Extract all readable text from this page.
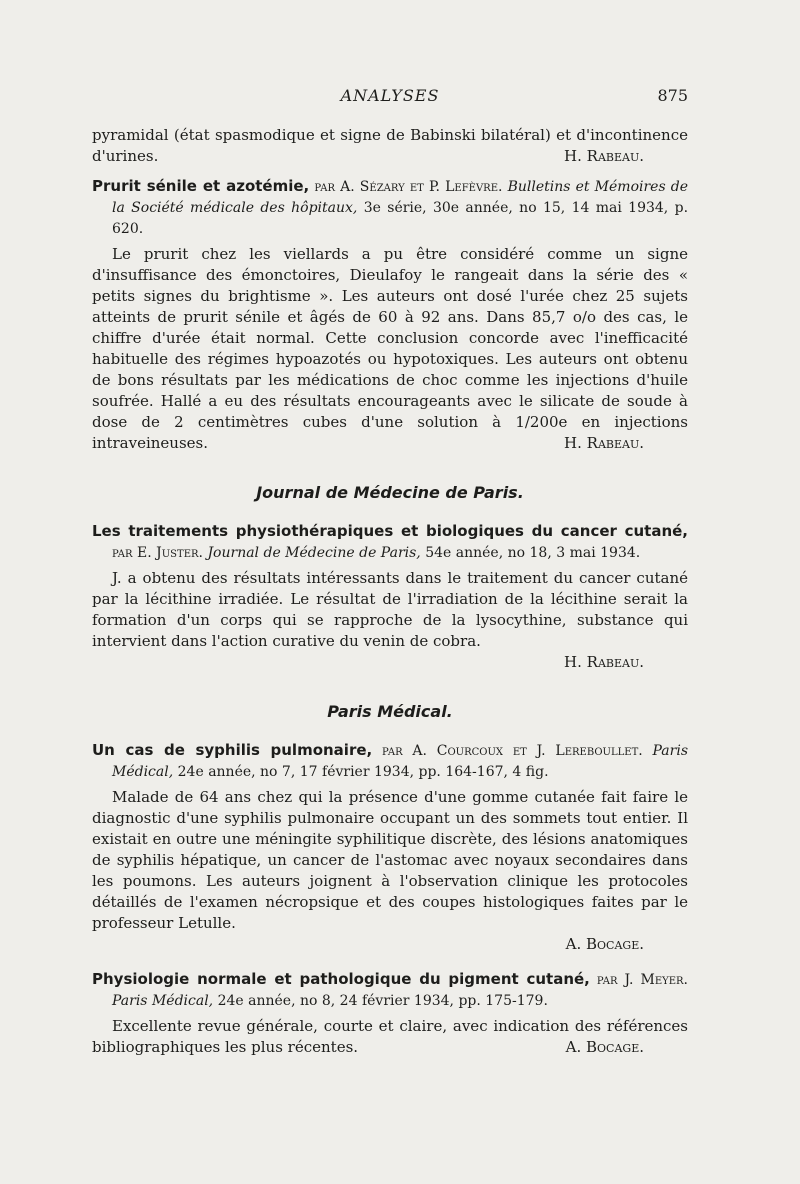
ANALYSES	875

pyramidal (état spasmodique et signe de Babinski bilatéral) et d'incontinence d'urines.	H. Rabeau.

Prurit sénile et azotémie, par A. Sézary et P. Lefèvre. Bulletins et Mémoires de la Société médicale des hôpitaux, 3e série, 30e année, no 15, 14 mai 1934, p. 620.

Le prurit chez les viellards a pu être considéré comme un signe d'insuffisance des émonctoires, Dieulafoy le rangeait dans la série des « petits signes du brightisme ». Les auteurs ont dosé l'urée chez 25 sujets atteints de prurit sénile et âgés de 60 à 92 ans. Dans 85,7 o/o des cas, le chiffre d'urée était normal. Cette conclusion concorde avec l'inefficacité habituelle des régimes hypoazotés ou hypotoxiques. Les auteurs ont obtenu de bons résultats par les médications de choc comme les injections d'huile soufrée. Hallé a eu des résultats encourageants avec le silicate de soude à dose de 2 centimètres cubes d'une solution à 1/200e en injections intraveineuses.	H. Rabeau.

Journal de Médecine de Paris.

Les traitements physiothérapiques et biologiques du cancer cutané, par E. Juster. Journal de Médecine de Paris, 54e année, no 18, 3 mai 1934.

J. a obtenu des résultats intéressants dans le traitement du cancer cutané par la lécithine irradiée. Le résultat de l'irradiation de la lécithine serait la formation d'un corps qui se rapproche de la lysocythine, substance qui intervient dans l'action curative du venin de cobra.

H. Rabeau.

Paris Médical.

Un cas de syphilis pulmonaire, par A. Courcoux et J. Lereboullet. Paris Médical, 24e année, no 7, 17 février 1934, pp. 164-167, 4 fig.

Malade de 64 ans chez qui la présence d'une gomme cutanée fait faire le diagnostic d'une syphilis pulmonaire occupant un des sommets tout entier. Il existait en outre une méningite syphilitique discrète, des lésions anatomiques de syphilis hépatique, un cancer de l'astomac avec noyaux secondaires dans les poumons. Les auteurs joignent à l'observation clinique les protocoles détaillés de l'examen nécropsique et des coupes histologiques faites par le professeur Letulle.

A. Bocage.

Physiologie normale et pathologique du pigment cutané, par J. Meyer. Paris Médical, 24e année, no 8, 24 février 1934, pp. 175-179.

Excellente revue générale, courte et claire, avec indication des références bibliographiques les plus récentes.	A. Bocage.
